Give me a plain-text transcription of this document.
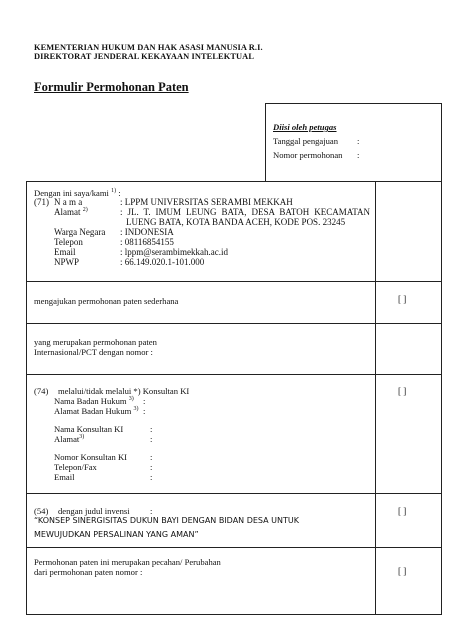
KEMENTERIAN HUKUM DAN HAK ASASI MANUSIA R.I.
DIREKTORAT JENDERAL KEKAYAAN INTELEKTUAL
Formulir Permohonan Paten
Diisi oleh petugas
Tanggal pengajuan :
Nomor permohonan :
Dengan ini saya/kami $^{1)}$ :
(71) N a m a	: LPPM UNIVERSITAS SERAMBI MEKKAH
Alamat $^{2)}$	: JL. T. IMUM LEUNG BATA, DESA BATOH KECAMATAN
LUENG BATA, KOTA BANDA ACEH, KODE POS. 23245
Warga Negara : INDONESIA
Telepon	: 08116854155
Email	: lppm@serambimekkah.ac.id
NPWP	: 66.149.020.1-101.000
mengajukan permohonan paten sederhana	[ ]
yang merupakan permohonan paten
Internasional/PCT dengan nomor :
(74) melalui/tidak melalui *) Konsultan KI	[ ]
Nama Badan Hukum $^{3)}$ :
Alamat Badan Hukum $^{3)}$ :
Nama Konsultan KI	:
Alamat$^{3)}$	:
Nomor Konsultan KI	:
Telepon/Fax	:
Email	:
(54) dengan judul invensi :	[ ]
“KONSEP SINERGISITAS DUKUN BAYI DENGAN BIDAN DESA UNTUK
MEWUJUDKAN PERSALINAN YANG AMAN”
Permohonan paten ini merupakan pecahan/ Perubahan
dari permohonan paten nomor :	[ ]
